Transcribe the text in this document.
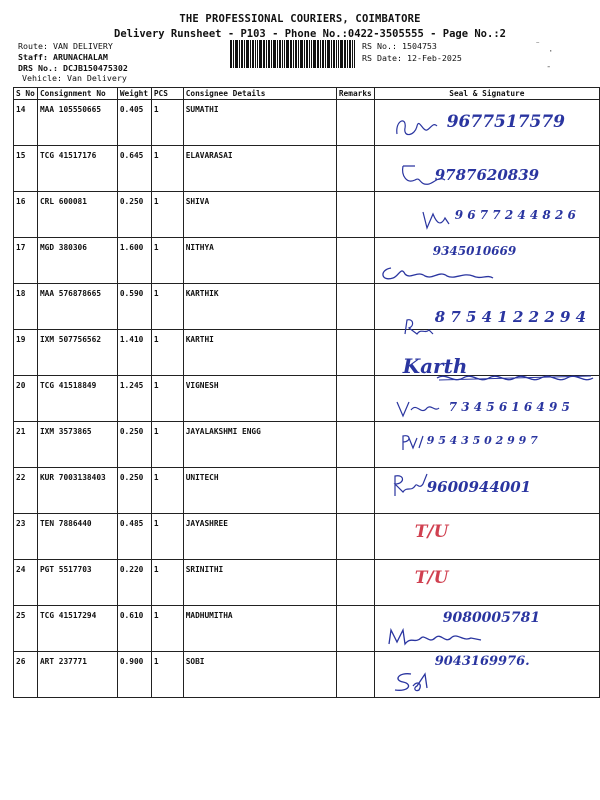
THE PROFESSIONAL COURIERS, COIMBATORE
Delivery Runsheet - P103 - Phone No.:0422-3505555 - Page No.:2
Route: VAN DELIVERY
Staff: ARUNACHALAM
DRS No.: DCJB150475302
Vehicle: Van Delivery
RS No.: 1504753
RS Date: 12-Feb-2025
⁻
·
-
S No	Consignment No	Weight	PCS	Consignee Details	Remarks	Seal & Signature
14	MAA 105550665	0.405	1	SUMATHI		9677517579

15	TCG 41517176	0.645	1	ELAVARASAI		9787620839

16	CRL 600081	0.250	1	SHIVA		9 6 7 7 2 4 4 8 2 6

17	MGD 380306	1.600	1	NITHYA		9345010669

18	MAA 576878665	0.590	1	KARTHIK		
19	IXM 507756562	1.410	1	KARTHI		8 7 5 4 1 2 2 2 9 4

20	TCG 41518849	1.245	1	VIGNESH		Karth
7 3 4 5 6 1 6 4 9 5

21	IXM 3573865	0.250	1	JAYALAKSHMI ENGG		9 5 4 3 5 0 2 9 9 7

22	KUR 7003138403	0.250	1	UNITECH		9600944001

23	TEN 7886440	0.485	1	JAYASHREE		T/U

24	PGT 5517703	0.220	1	SRINITHI		T/U

25	TCG 41517294	0.610	1	MADHUMITHA		9080005781

26	ART 237771	0.900	1	SOBI		9043169976.
